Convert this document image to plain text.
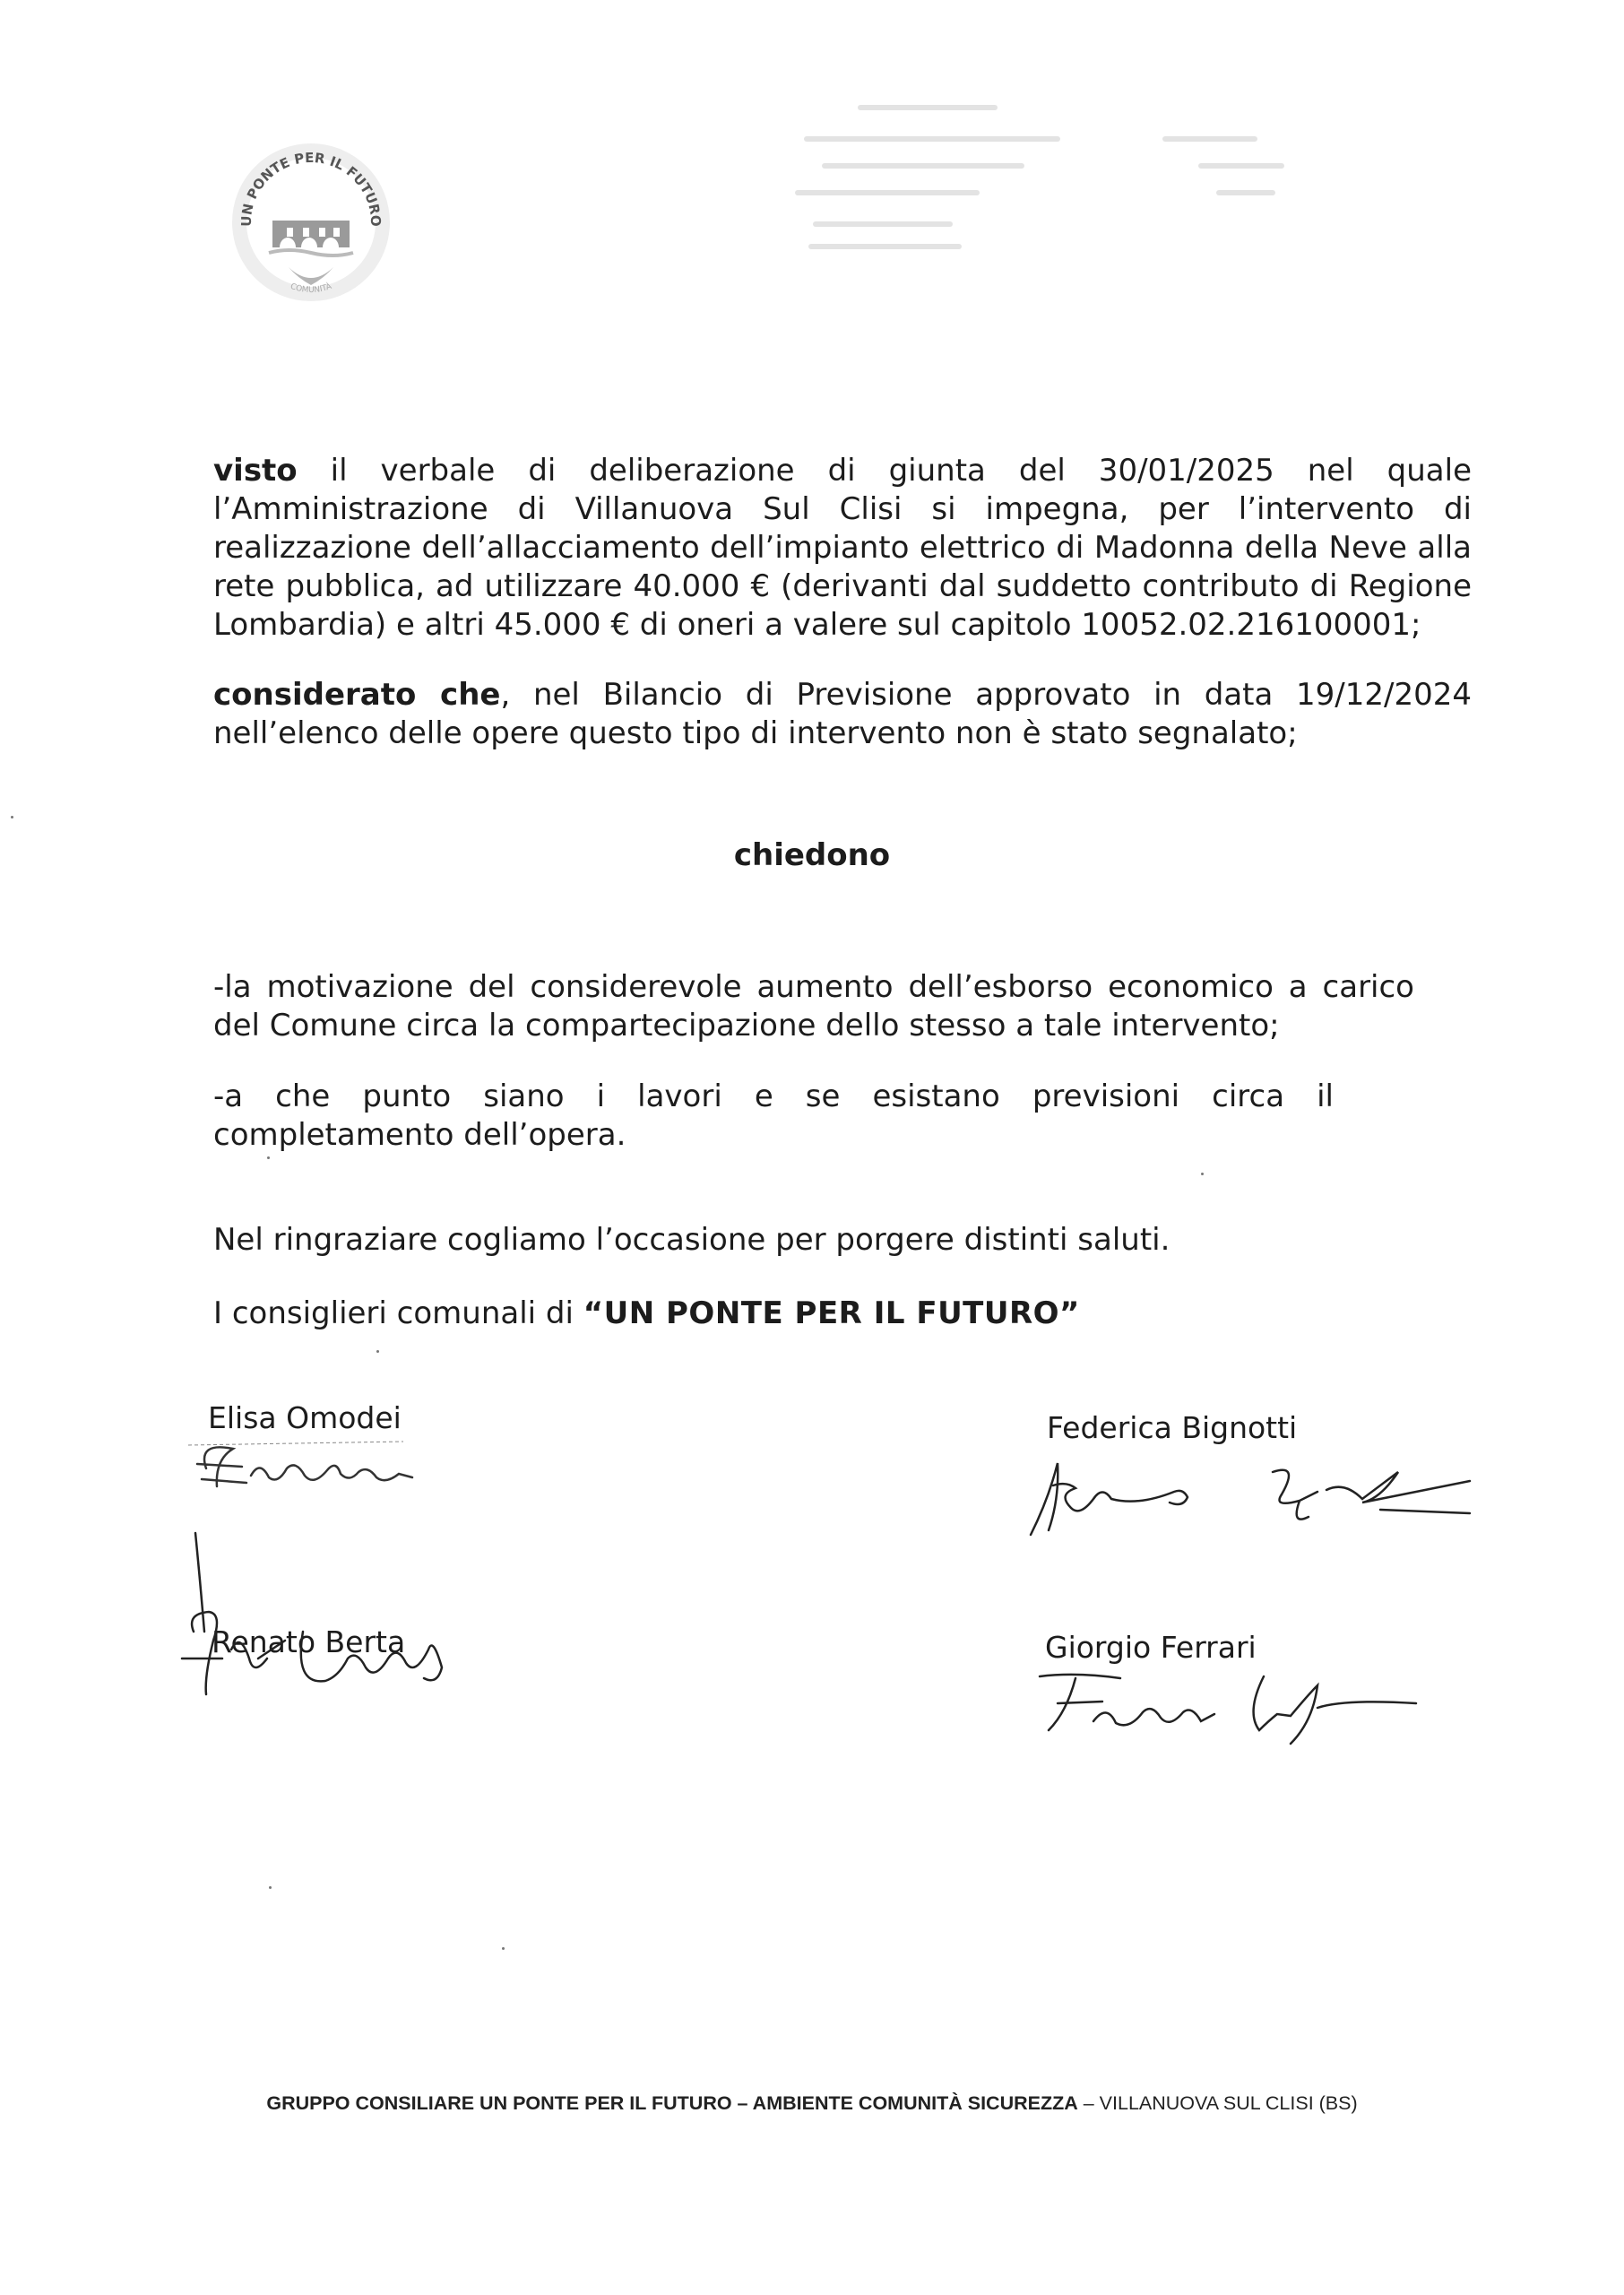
UN PONTE PER IL FUTURO
COMUNITÀ
visto il verbale di deliberazione di giunta del 30/01/2025 nel quale l’Amministrazione di Villanuova Sul Clisi si impegna, per l’intervento di realizzazione dell’allacciamento dell’impianto elettrico di Madonna della Neve alla rete pubblica, ad utilizzare 40.000 € (derivanti dal suddetto contributo di Regione Lombardia) e altri 45.000 € di oneri a valere sul capitolo 10052.02.216100001;
considerato che, nel Bilancio di Previsione approvato in data 19/12/2024 nell’elenco delle opere questo tipo di intervento non è stato segnalato;
chiedono
-la motivazione del considerevole aumento dell’esborso economico a carico del Comune circa la compartecipazione dello stesso a tale intervento;
-a che punto siano i lavori e se esistano previsioni circa il completamento dell’opera.
Nel ringraziare cogliamo l’occasione per porgere distinti saluti.
I consiglieri comunali di “UN PONTE PER IL FUTURO”
Elisa Omodei	Federica Bignotti
Renato Berta	Giorgio Ferrari
GRUPPO CONSILIARE UN PONTE PER IL FUTURO – AMBIENTE COMUNITÀ SICUREZZA – VILLANUOVA SUL CLISI (BS)
